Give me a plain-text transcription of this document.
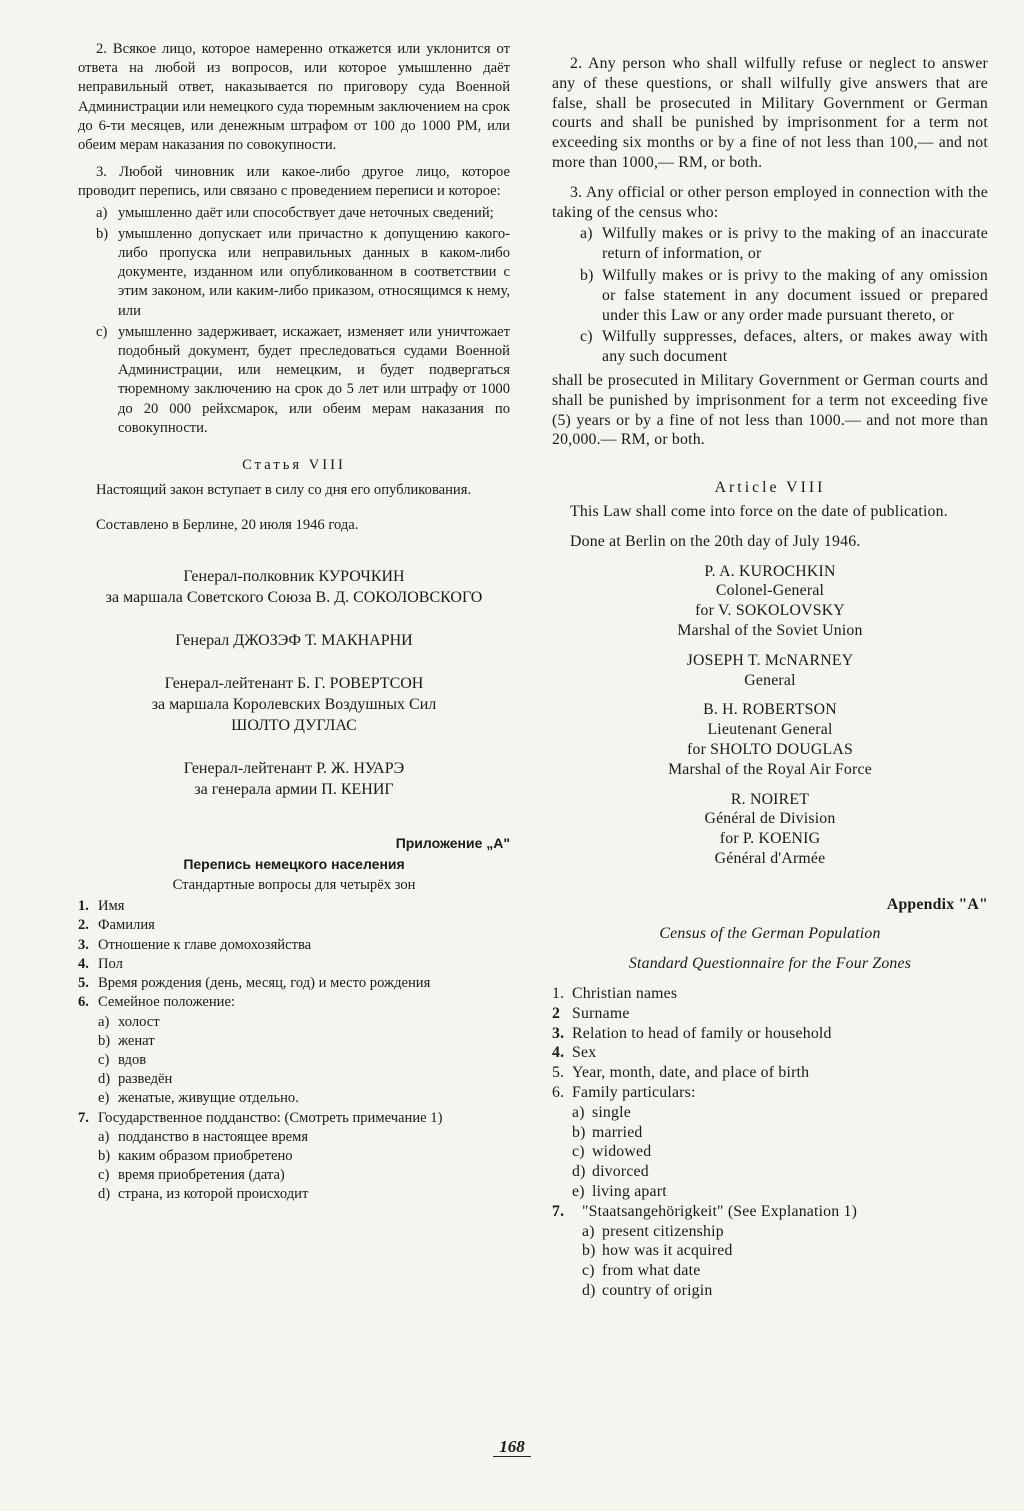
2. Всякое лицо, которое намеренно откажется или уклонится от ответа на любой из вопросов, или которое умышленно даёт неправильный ответ, наказывается по приговору суда Военной Администрации или немецкого суда тюремным заключением на срок до 6-ти месяцев, или денежным штрафом от 100 до 1000 РМ, или обеим мерам наказания по совокупности.

3. Любой чиновник или какое-либо другое лицо, которое проводит перепись, или связано с проведением переписи и которое:

a) умышленно даёт или способствует даче неточных сведений;
b) умышленно допускает или причастно к допущению какого-либо пропуска или неправильных данных в каком-либо документе, изданном или опубликованном в соответствии с этим законом, или каким-либо приказом, относящимся к нему, или
c) умышленно задерживает, искажает, изменяет или уничтожает подобный документ, будет преследоваться судами Военной Администрации, или немецким, и будет подвергаться тюремному заключению на срок до 5 лет или штрафу от 1000 до 20 000 рейхсмарок, или обеим мерам наказания по совокупности.

Статья VIII

Настоящий закон вступает в силу со дня его опубликования.

Составлено в Берлине, 20 июля 1946 года.

Генерал-полковник КУРОЧКИН
за маршала Советского Союза В. Д. СОКОЛОВСКОГО
Генерал ДЖОЗЭФ Т. МАКНАРНИ
Генерал-лейтенант Б. Г. РОВЕРТСОН
за маршала Королевских Воздушных Сил
ШОЛТО ДУГЛАС
Генерал-лейтенант Р. Ж. НУАРЭ
за генерала армии П. КЕНИГ

Приложение „А"

Перепись немецкого населения

Стандартные вопросы для четырёх зон

1. Имя
2. Фамилия
3. Отношение к главе домохозяйства
4. Пол
5. Время рождения (день, месяц, год) и место рождения
6. Семейное положение:
a) холост
b) женат
c) вдов
d) разведён
e) женатые, живущие отдельно.
7. Государственное подданство: (Смотреть примечание 1)
a) подданство в настоящее время
b) каким образом приобретено
c) время приобретения (дата)
d) страна, из которой происходит

2. Any person who shall wilfully refuse or neglect to answer any of these questions, or shall wilfully give answers that are false, shall be prosecuted in Military Government or German courts and shall be punished by imprisonment for a term not exceeding six months or by a fine of not less than 100,— and not more than 1000,— RM, or both.

3. Any official or other person employed in connection with the taking of the census who:

a) Wilfully makes or is privy to the making of an inaccurate return of information, or
b) Wilfully makes or is privy to the making of any omission or false statement in any document issued or prepared under this Law or any order made pursuant thereto, or
c) Wilfully suppresses, defaces, alters, or makes away with any such document

shall be prosecuted in Military Government or German courts and shall be punished by imprisonment for a term not exceeding five (5) years or by a fine of not less than 1000.— and not more than 20,000.— RM, or both.

Article VIII

This Law shall come into force on the date of publication.

Done at Berlin on the 20th day of July 1946.

P. A. KUROCHKIN
Colonel-General
for V. SOKOLOVSKY
Marshal of the Soviet Union
JOSEPH T. McNARNEY
General
B. H. ROBERTSON
Lieutenant General
for SHOLTO DOUGLAS
Marshal of the Royal Air Force
R. NOIRET
Général de Division
for P. KOENIG
Général d'Armée

Appendix "A"

Census of the German Population

Standard Questionnaire for the Four Zones

1. Christian names
2 Surname
3. Relation to head of family or household
4. Sex
5. Year, month, date, and place of birth
6. Family particulars:
a) single
b) married
c) widowed
d) divorced
e) living apart
7.	"Staatsangehörigkeit" (See Explanation 1)
a) present citizenship
b) how was it acquired
c) from what date
d) country of origin
168
